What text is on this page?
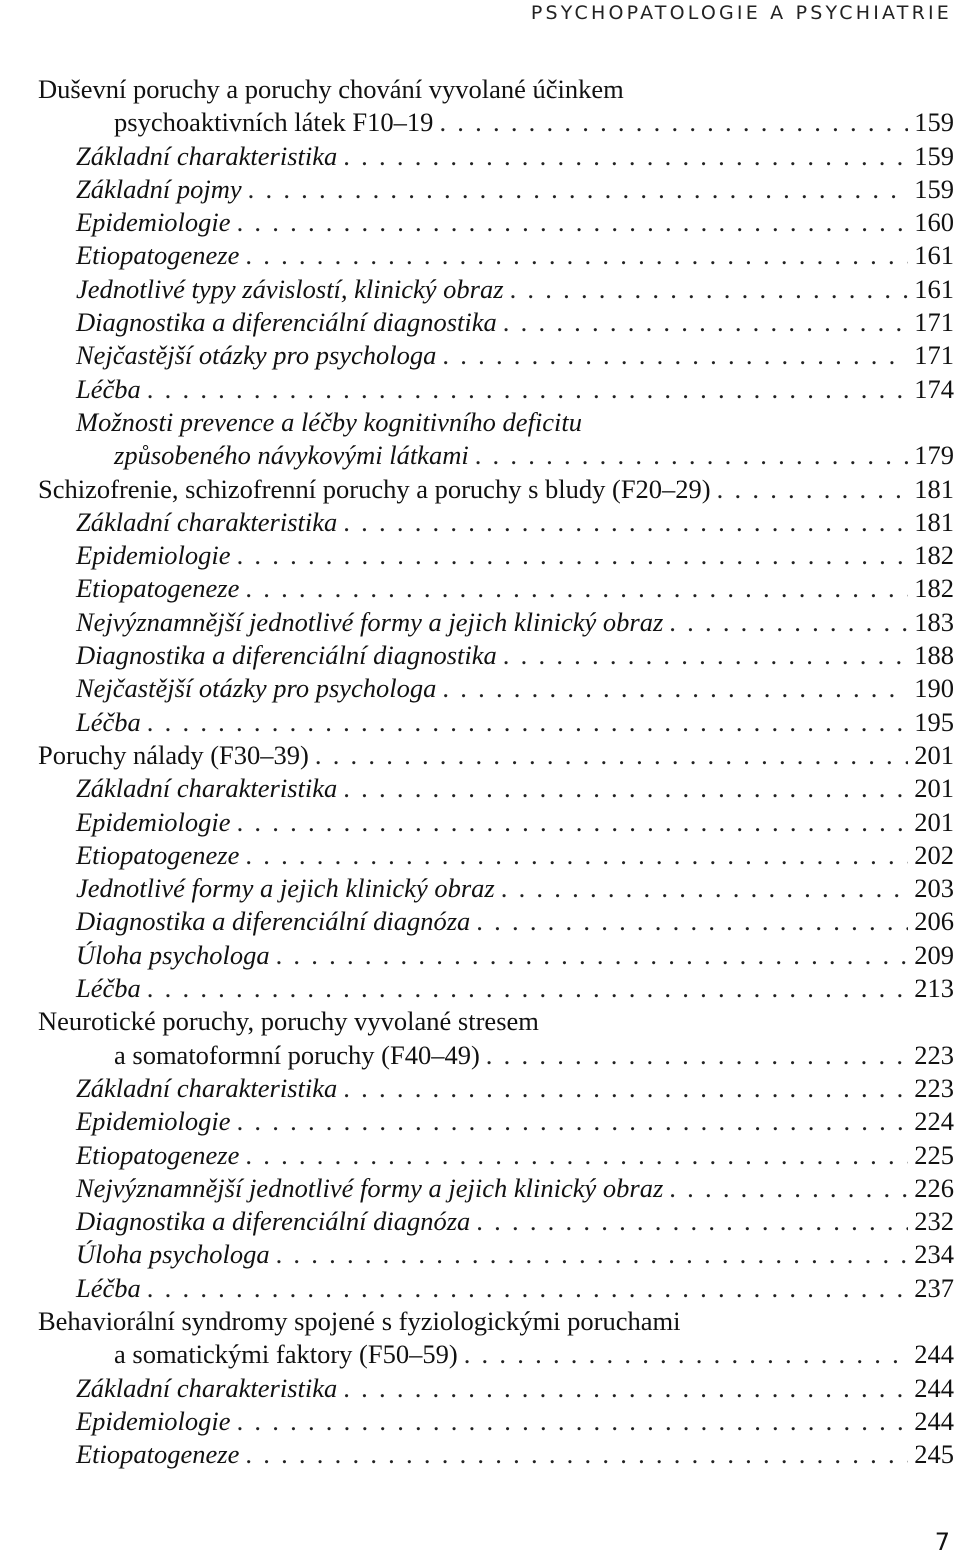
PSYCHOPATOLOGIE A PSYCHIATRIE
Duševní poruchy a poruchy chování vyvolané účinkem
psychoaktivních látek F10–19 . . .	159
Základní charakteristika . . .	159
Základní pojmy . . .	159
Epidemiologie . . .	160
Etiopatogeneze . . .	161
Jednotlivé typy závislostí, klinický obraz . . .	161
Diagnostika a diferenciální diagnostika . . .	171
Nejčastější otázky pro psychologa . . .	171
Léčba . . .	174
Možnosti prevence a léčby kognitivního deficitu
způsobeného návykovými látkami . . .	179
Schizofrenie, schizofrenní poruchy a poruchy s bludy (F20–29) . . .	181
Základní charakteristika . . .	181
Epidemiologie . . .	182
Etiopatogeneze . . .	182
Nejvýznamnější jednotlivé formy a jejich klinický obraz . . .	183
Diagnostika a diferenciální diagnostika . . .	188
Nejčastější otázky pro psychologa . . .	190
Léčba . . .	195
Poruchy nálady (F30–39) . . .	201
Základní charakteristika . . .	201
Epidemiologie . . .	201
Etiopatogeneze . . .	202
Jednotlivé formy a jejich klinický obraz . . .	203
Diagnostika a diferenciální diagnóza . . .	206
Úloha psychologa . . .	209
Léčba . . .	213
Neurotické poruchy, poruchy vyvolané stresem
a somatoformní poruchy (F40–49) . . .	223
Základní charakteristika . . .	223
Epidemiologie . . .	224
Etiopatogeneze . . .	225
Nejvýznamnější jednotlivé formy a jejich klinický obraz . . .	226
Diagnostika a diferenciální diagnóza . . .	232
Úloha psychologa . . .	234
Léčba . . .	237
Behaviorální syndromy spojené s fyziologickými poruchami
a somatickými faktory (F50–59) . . .	244
Základní charakteristika . . .	244
Epidemiologie . . .	244
Etiopatogeneze . . .	245
7
